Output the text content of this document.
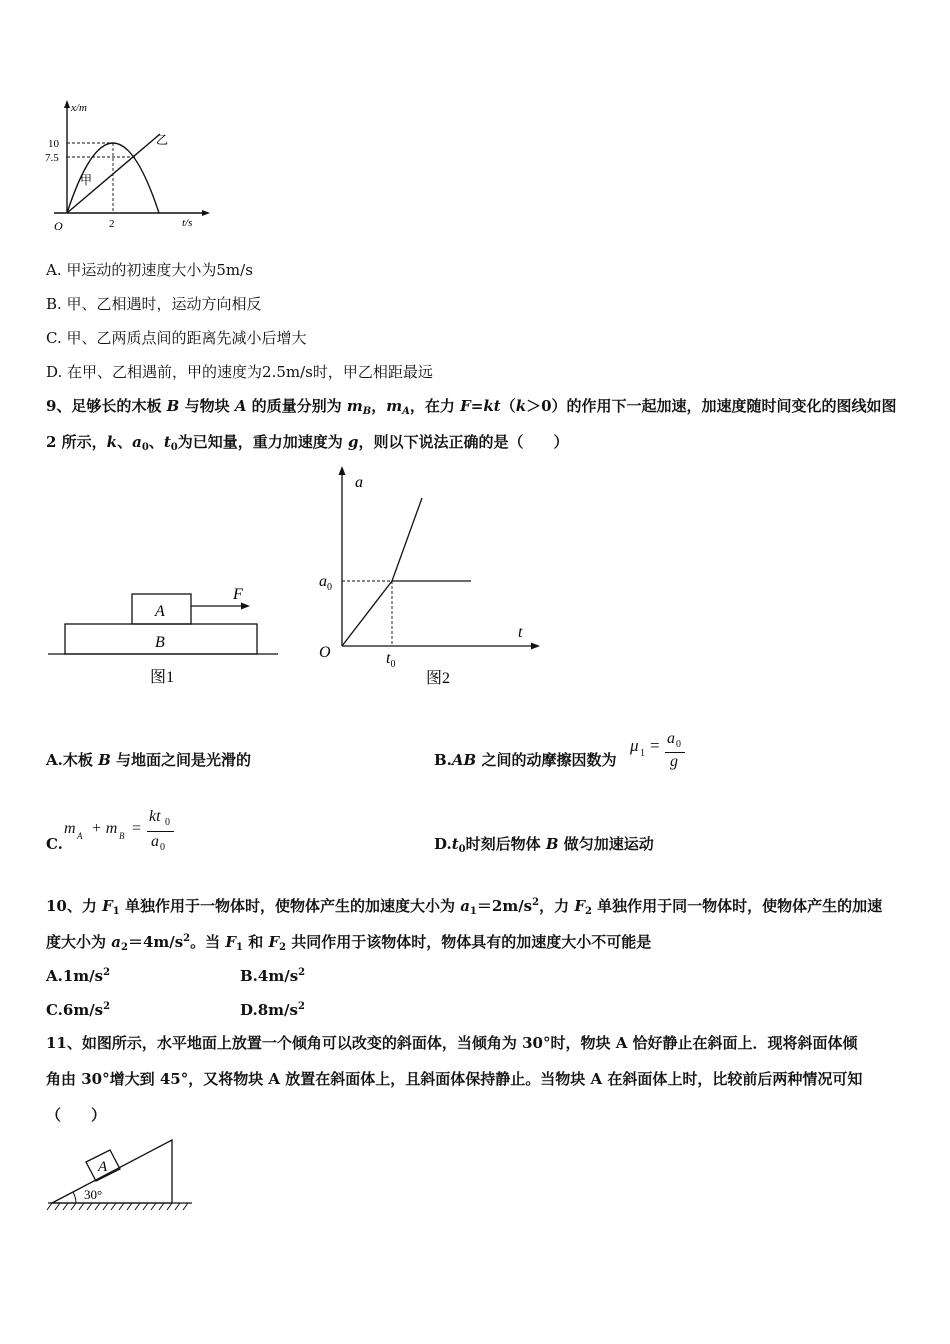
x/m
t/s
O
10
7.5
2
甲
乙
A. 甲运动的初速度大小为5m/s
B. 甲、乙相遇时，运动方向相反
C. 甲、乙两质点间的距离先减小后增大
D. 在甲、乙相遇前，甲的速度为2.5m/s时，甲乙相距最远
9、足够长的木板 B 与物块 A 的质量分别为 $m_B$，$m_A$，在力 F=kt（k＞0）的作用下一起加速，加速度随时间变化的图线如图
2 所示，k、$a_0$、$t_0$为已知量，重力加速度为 g，则以下说法正确的是（　　）
A
B
F
图1
a
t
O
$a_0$
$t_0$
图2
A.木板 B 与地面之间是光滑的	B.AB 之间的动摩擦因数为
μ 1 = a 0
g
C.
m A + m B =
kt 0
a 0	$D.t_0$时刻后物体 B 做匀加速运动
10、力 $F_1$ 单独作用于一物体时，使物体产生的加速度大小为 $a_1=2m/s^2$，力 $F_2$ 单独作用于同一物体时，使物体产生的加速
度大小为 $a_2=4m/s^2$。当 $F_1$ 和 $F_2$ 共同作用于该物体时，物体具有的加速度大小不可能是
$A.1m/s^2$	$B.4m/s^2$
$C.6m/s^2$	$D.8m/s^2$
11、如图所示，水平地面上放置一个倾角可以改变的斜面体，当倾角为 30°时，物块 A 恰好静止在斜面上．现将斜面体倾
角由 30°增大到 45°，又将物块 A 放置在斜面体上，且斜面体保持静止。当物块 A 在斜面体上时，比较前后两种情况可知
（　　）
A
30°
